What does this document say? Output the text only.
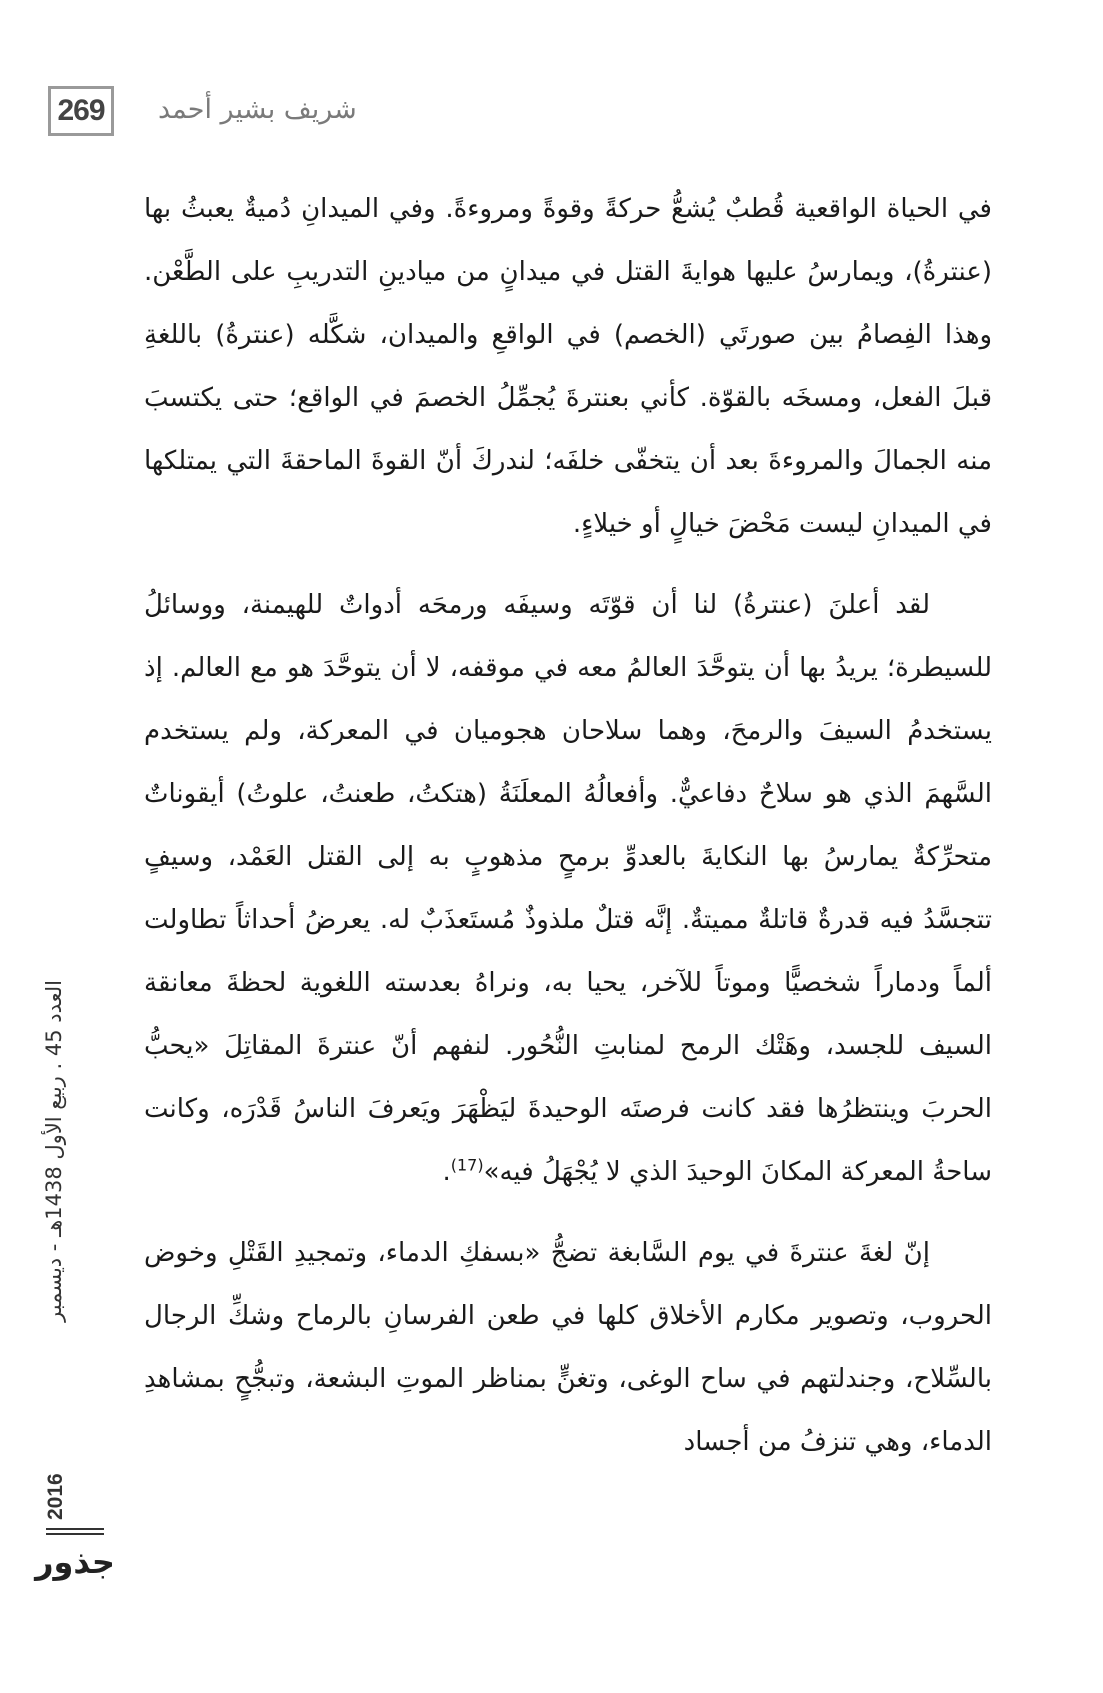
269 شريف بشير أحمد

في الحياة الواقعية قُطبٌ يُشعُّ حركةً وقوةً ومروءةً. وفي الميدانِ دُميةٌ يعبثُ بها (عنترةُ)، ويمارسُ عليها هوايةَ القتل في ميدانٍ من ميادينِ التدريبِ على الطَّعْن. وهذا الفِصامُ بين صورتَي (الخصم) في الواقعِ والميدان، شكَّله (عنترةُ) باللغةِ قبلَ الفعل، ومسخَه بالقوّة. كأني بعنترةَ يُجمِّلُ الخصمَ في الواقع؛ حتى يكتسبَ منه الجمالَ والمروءةَ بعد أن يتخفّى خلفَه؛ لندركَ أنّ القوةَ الماحقةَ التي يمتلكها في الميدانِ ليست مَحْضَ خيالٍ أو خيلاءٍ.

لقد أعلنَ (عنترةُ) لنا أن قوّتَه وسيفَه ورمحَه أدواتٌ للهيمنة، ووسائلُ للسيطرة؛ يريدُ بها أن يتوحَّدَ العالمُ معه في موقفه، لا أن يتوحَّدَ هو مع العالم. إذ يستخدمُ السيفَ والرمحَ، وهما سلاحان هجوميان في المعركة، ولم يستخدم السَّهمَ الذي هو سلاحٌ دفاعيٌّ. وأفعالُهُ المعلَنَةُ (هتكتُ، طعنتُ، علوتُ) أيقوناتٌ متحرِّكةٌ يمارسُ بها النكايةَ بالعدوِّ برمحٍ مذهوبٍ به إلى القتل العَمْد، وسيفٍ تتجسَّدُ فيه قدرةٌ قاتلةٌ مميتةٌ. إنَّه قتلٌ ملذوذٌ مُستَعذَبٌ له. يعرضُ أحداثاً تطاولت ألماً ودماراً شخصيًّا وموتاً للآخر، يحيا به، ونراهُ بعدسته اللغوية لحظةَ معانقة السيف للجسد، وهَتْك الرمح لمنابتِ النُّحُور. لنفهم أنّ عنترةَ المقاتِلَ «يحبُّ الحربَ وينتظرُها فقد كانت فرصتَه الوحيدةَ ليَظْهَرَ ويَعرفَ الناسُ قَدْرَه، وكانت ساحةُ المعركة المكانَ الوحيدَ الذي لا يُجْهَلُ فيه»$^{(17)}$.

إنّ لغةَ عنترةَ في يوم السَّابغة تضجُّ «بسفكِ الدماء، وتمجيدِ القَتْلِ وخوض الحروب، وتصوير مكارم الأخلاق كلها في طعن الفرسانِ بالرماح وشكِّ الرجال بالسِّلاح، وجندلتهم في ساح الوغى، وتغنٍّ بمناظر الموتِ البشعة، وتبجُّحٍ بمشاهدِ الدماء، وهي تنزفُ من أجساد

العدد 45 . ربيع الأول 1438هـ - ديسمبر
2016
جذور
